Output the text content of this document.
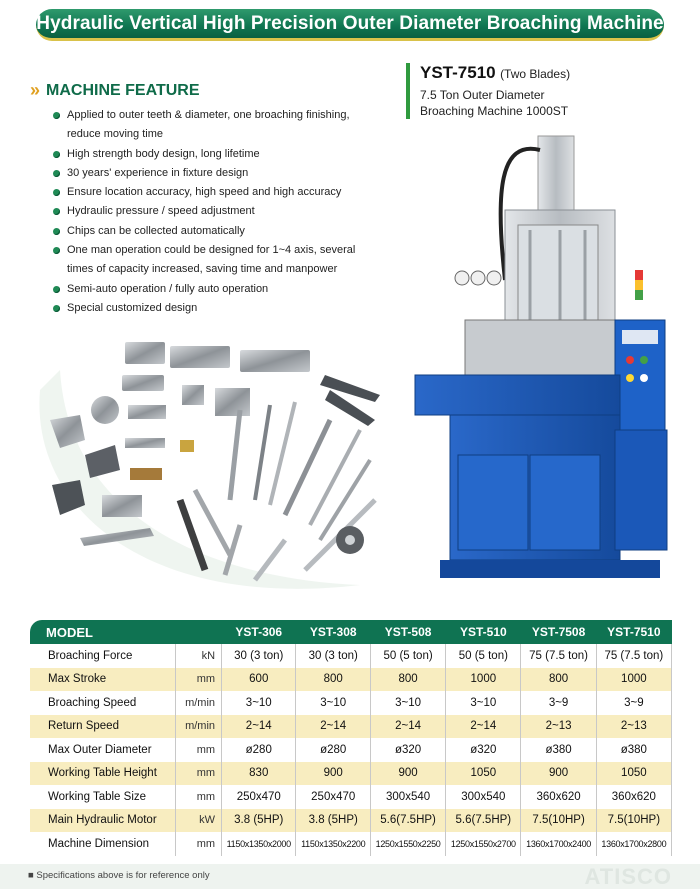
Hydraulic Vertical High Precision Outer Diameter Broaching Machine
» MACHINE FEATURE
Applied to outer teeth & diameter, one broaching finishing, reduce moving time
High strength body design, long lifetime
30 years' experience in fixture design
Ensure location accuracy, high speed and high accuracy
Hydraulic pressure / speed adjustment
Chips can be collected automatically
One man operation could be designed for 1~4 axis, several times of capacity increased, saving time and manpower
Semi-auto operation / fully auto operation
Special customized design
YST-7510 (Two Blades)
7.5 Ton Outer Diameter
Broaching Machine 1000ST
MODEL		YST-306	YST-308	YST-508	YST-510	YST-7508	YST-7510
Broaching Force	kN	30 (3 ton)	30 (3 ton)	50 (5 ton)	50 (5 ton)	75 (7.5 ton)	75 (7.5 ton)
Max Stroke	mm	600	800	800	1000	800	1000
Broaching Speed	m/min	3~10	3~10	3~10	3~10	3~9	3~9
Return Speed	m/min	2~14	2~14	2~14	2~14	2~13	2~13
Max Outer Diameter	mm	ø280	ø280	ø320	ø320	ø380	ø380
Working Table Height	mm	830	900	900	1050	900	1050
Working Table Size	mm	250x470	250x470	300x540	300x540	360x620	360x620
Main Hydraulic Motor	kW	3.8 (5HP)	3.8 (5HP)	5.6(7.5HP)	5.6(7.5HP)	7.5(10HP)	7.5(10HP)
Machine Dimension	mm	1150x1350x2000	1150x1350x2200	1250x1550x2250	1250x1550x2700	1360x1700x2400	1360x1700x2800
■ Specifications above is for reference only	ATISCO
